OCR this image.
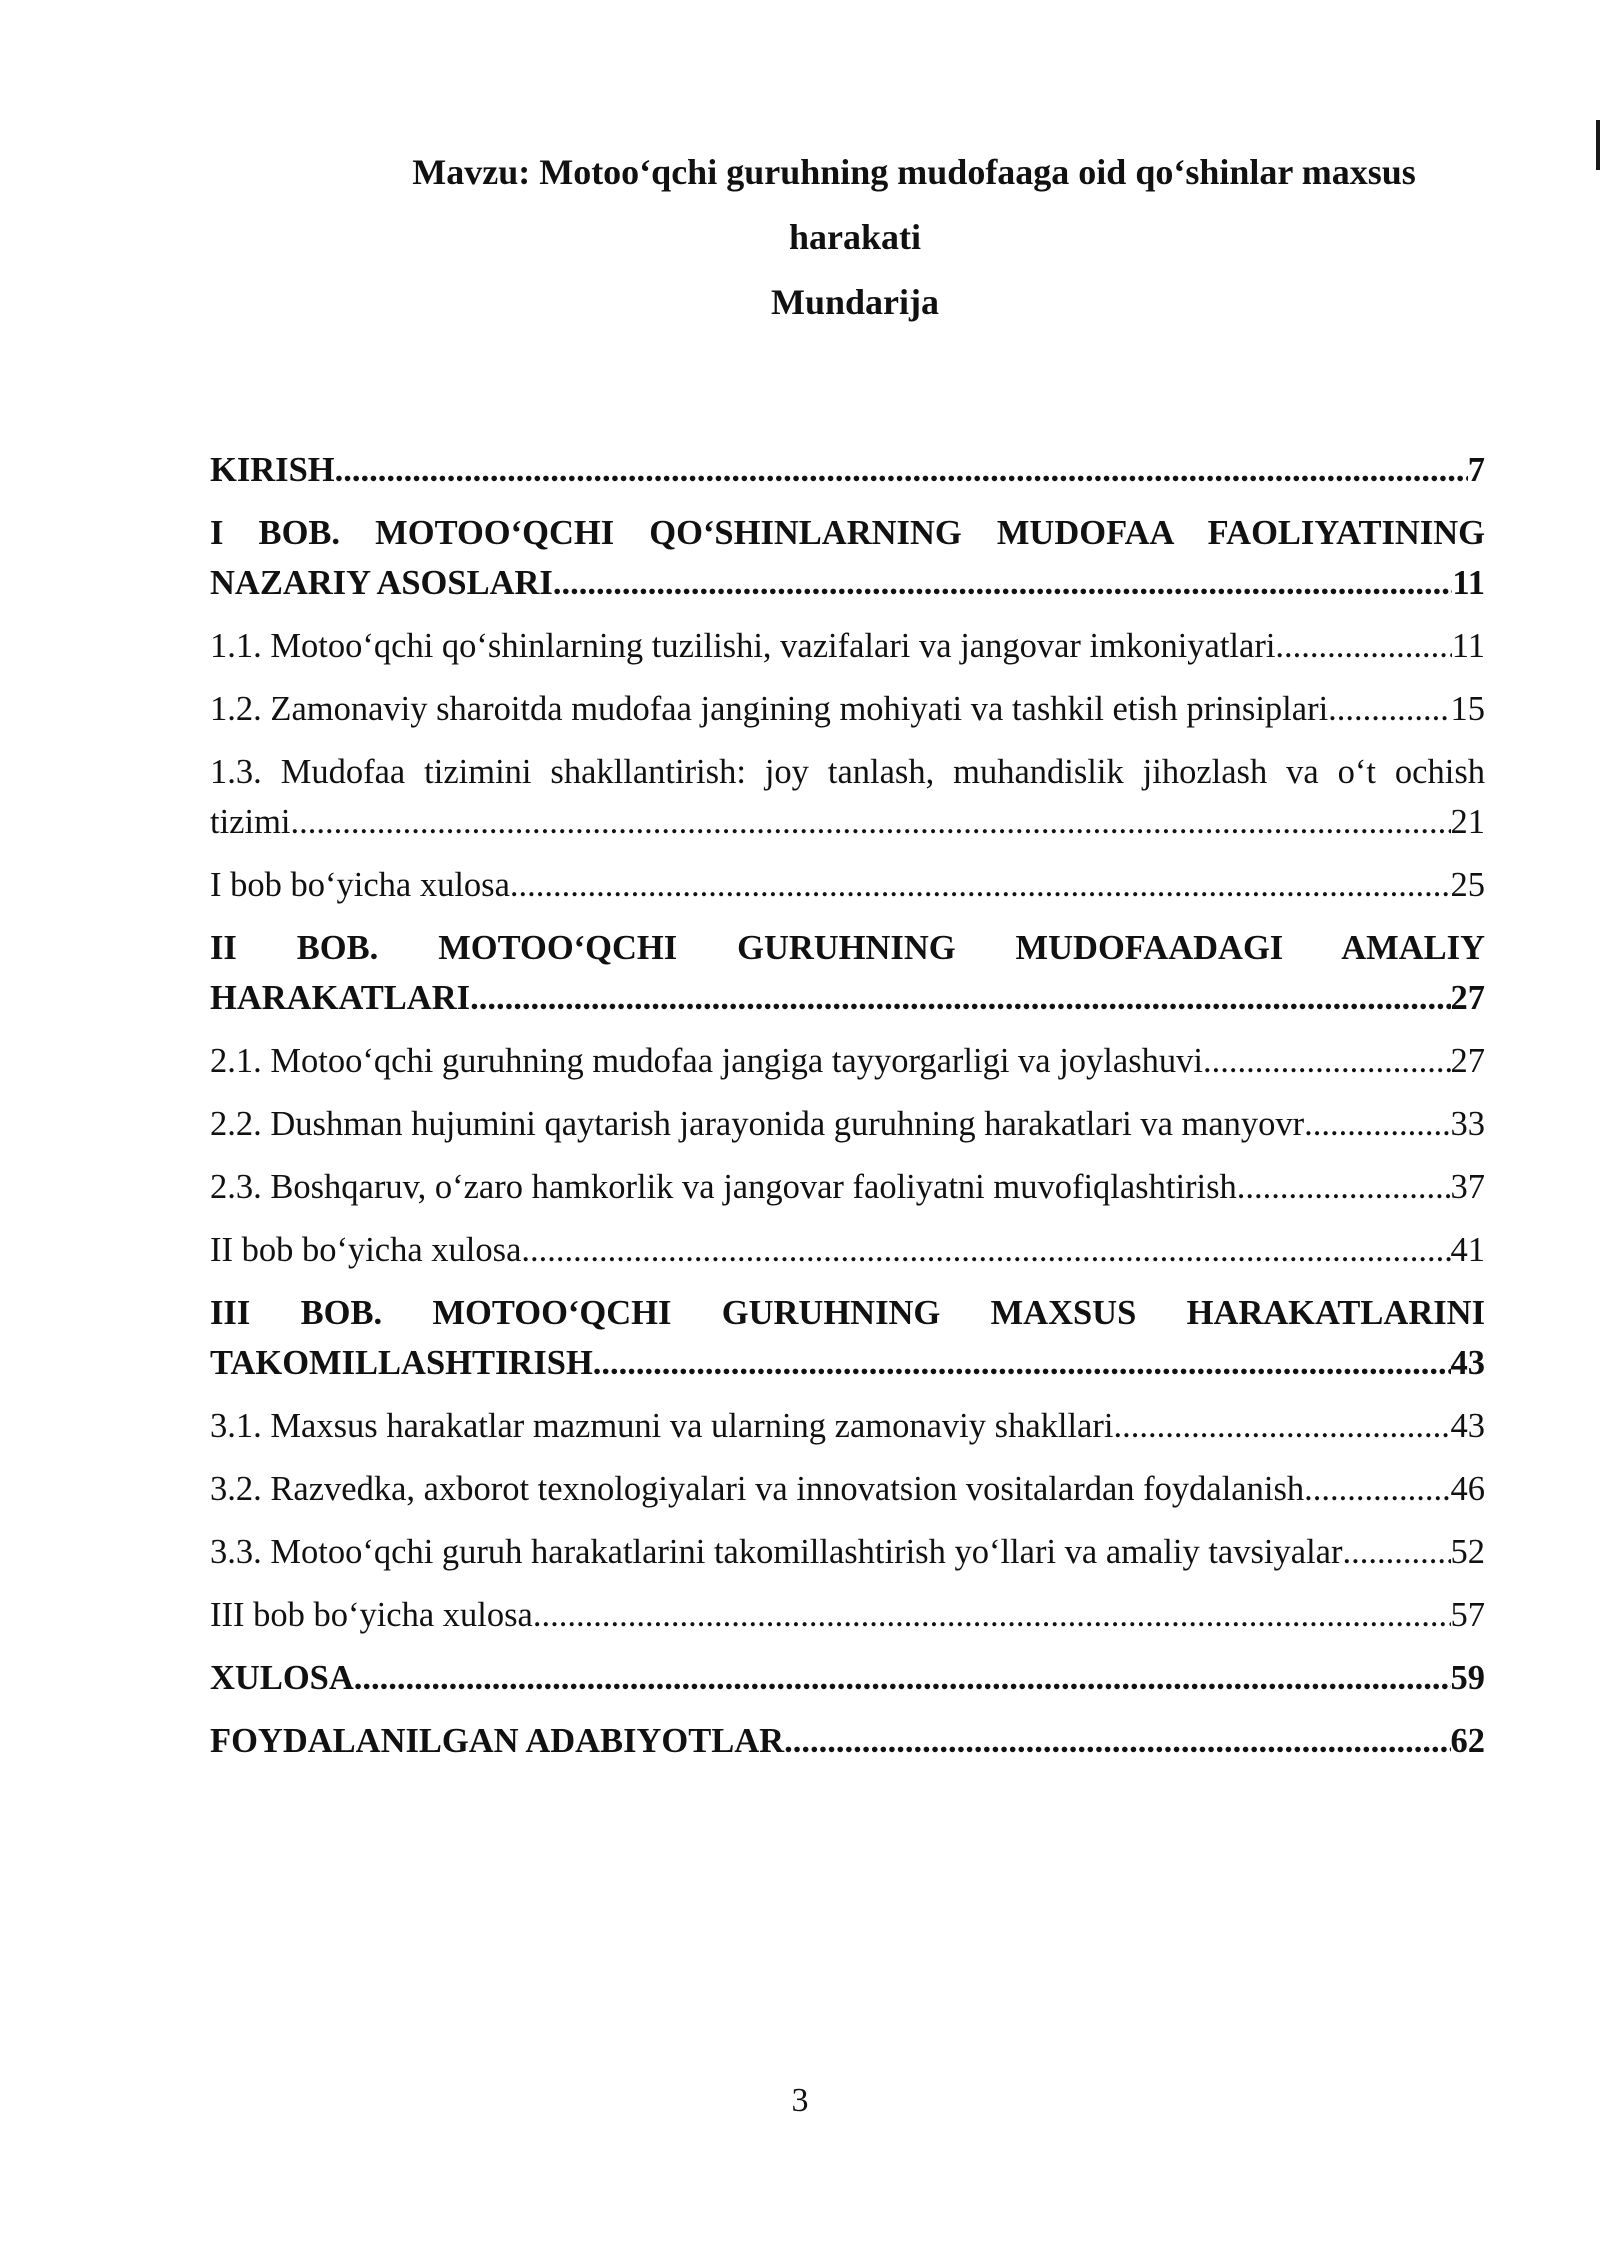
Mavzu: Motoo‘qchi guruhning mudofaaga oid qo‘shinlar maxsus
harakati
Mundarija
KIRISH .....	7
I BOB. MOTOO‘QCHI QO‘SHINLARNING MUDOFAA FAOLIYATINING
NAZARIY ASOSLARI .....	11
1.1. Motoo‘qchi qo‘shinlarning tuzilishi, vazifalari va jangovar imkoniyatlari .....	11
1.2. Zamonaviy sharoitda mudofaa jangining mohiyati va tashkil etish prinsiplari. .....	15
1.3. Mudofaa tizimini shakllantirish: joy tanlash, muhandislik jihozlash va o‘t ochish
tizimi .....	21
I bob bo‘yicha xulosa .....	25
II BOB. MOTOO‘QCHI GURUHNING MUDOFAADAGI AMALIY
HARAKATLARI .....	27
2.1. Motoo‘qchi guruhning mudofaa jangiga tayyorgarligi va joylashuvi .....	27
2.2. Dushman hujumini qaytarish jarayonida guruhning harakatlari va manyovr .....	33
2.3. Boshqaruv, o‘zaro hamkorlik va jangovar faoliyatni muvofiqlashtirish .....	37
II bob bo‘yicha xulosa .....	41
III BOB. MOTOO‘QCHI GURUHNING MAXSUS HARAKATLARINI
TAKOMILLASHTIRISH .....	43
3.1. Maxsus harakatlar mazmuni va ularning zamonaviy shakllari .....	43
3.2. Razvedka, axborot texnologiyalari va innovatsion vositalardan foydalanish .....	46
3.3. Motoo‘qchi guruh harakatlarini takomillashtirish yo‘llari va amaliy tavsiyalar .....	52
III bob bo‘yicha xulosa .....	57
XULOSA .....	59
FOYDALANILGAN ADABIYOTLAR .....	62
3
